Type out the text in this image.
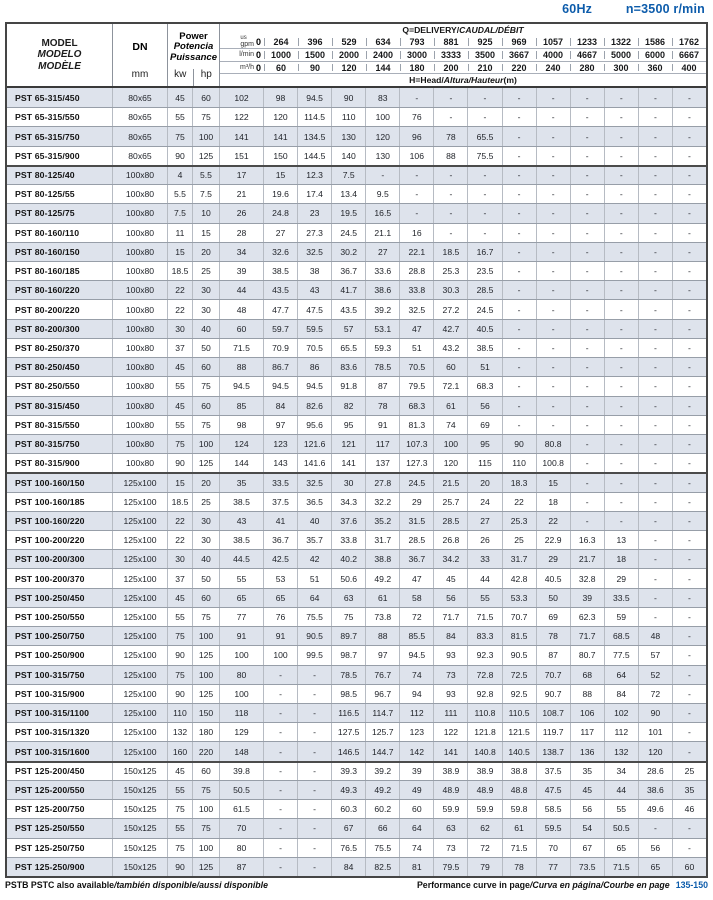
60Hz	n=3500 r/min
MODEL
MODELO
MODÈLE
DN
mm
Power
Potencia
Puissance
kw	hp
Q=DELIVERY/ CAUDAL/DÉBIT
us
gpm 0	264	396	529	634	793	881	925	969	1057	1233	1322	1586	1762
l/min 0	1000	1500	2000	2400	3000	3333	3500	3667	4000	4667	5000	6000	6667
m³/h 0	60	90	120	144	180	200	210	220	240	280	300	360	400
H=Head/ Altura/Hauteur (m)
PST 65-315/450	80x65	45	60	102	98	94.5	90	83	-	-	-	-	-	-	-	-	-
PST 65-315/550	80x65	55	75	122	120	114.5	110	100	76	-	-	-	-	-	-	-	-
PST 65-315/750	80x65	75	100	141	141	134.5	130	120	96	78	65.5	-	-	-	-	-	-
PST 65-315/900	80x65	90	125	151	150	144.5	140	130	106	88	75.5	-	-	-	-	-	-
PST 80-125/40	100x80	4	5.5	17	15	12.3	7.5	-	-	-	-	-	-	-	-	-	-
PST 80-125/55	100x80	5.5	7.5	21	19.6	17.4	13.4	9.5	-	-	-	-	-	-	-	-	-
PST 80-125/75	100x80	7.5	10	26	24.8	23	19.5	16.5	-	-	-	-	-	-	-	-	-
PST 80-160/110	100x80	11	15	28	27	27.3	24.5	21.1	16	-	-	-	-	-	-	-	-
PST 80-160/150	100x80	15	20	34	32.6	32.5	30.2	27	22.1	18.5	16.7	-	-	-	-	-	-
PST 80-160/185	100x80	18.5	25	39	38.5	38	36.7	33.6	28.8	25.3	23.5	-	-	-	-	-	-
PST 80-160/220	100x80	22	30	44	43.5	43	41.7	38.6	33.8	30.3	28.5	-	-	-	-	-	-
PST 80-200/220	100x80	22	30	48	47.7	47.5	43.5	39.2	32.5	27.2	24.5	-	-	-	-	-	-
PST 80-200/300	100x80	30	40	60	59.7	59.5	57	53.1	47	42.7	40.5	-	-	-	-	-	-
PST 80-250/370	100x80	37	50	71.5	70.9	70.5	65.5	59.3	51	43.2	38.5	-	-	-	-	-	-
PST 80-250/450	100x80	45	60	88	86.7	86	83.6	78.5	70.5	60	51	-	-	-	-	-	-
PST 80-250/550	100x80	55	75	94.5	94.5	94.5	91.8	87	79.5	72.1	68.3	-	-	-	-	-	-
PST 80-315/450	100x80	45	60	85	84	82.6	82	78	68.3	61	56	-	-	-	-	-	-
PST 80-315/550	100x80	55	75	98	97	95.6	95	91	81.3	74	69	-	-	-	-	-	-
PST 80-315/750	100x80	75	100	124	123	121.6	121	117	107.3	100	95	90	80.8	-	-	-	-
PST 80-315/900	100x80	90	125	144	143	141.6	141	137	127.3	120	115	110	100.8	-	-	-	-
PST 100-160/150	125x100	15	20	35	33.5	32.5	30	27.8	24.5	21.5	20	18.3	15	-	-	-	-
PST 100-160/185	125x100	18.5	25	38.5	37.5	36.5	34.3	32.2	29	25.7	24	22	18	-	-	-	-
PST 100-160/220	125x100	22	30	43	41	40	37.6	35.2	31.5	28.5	27	25.3	22	-	-	-	-
PST 100-200/220	125x100	22	30	38.5	36.7	35.7	33.8	31.7	28.5	26.8	26	25	22.9	16.3	13	-	-
PST 100-200/300	125x100	30	40	44.5	42.5	42	40.2	38.8	36.7	34.2	33	31.7	29	21.7	18	-	-
PST 100-200/370	125x100	37	50	55	53	51	50.6	49.2	47	45	44	42.8	40.5	32.8	29	-	-
PST 100-250/450	125x100	45	60	65	65	64	63	61	58	56	55	53.3	50	39	33.5	-	-
PST 100-250/550	125x100	55	75	77	76	75.5	75	73.8	72	71.7	71.5	70.7	69	62.3	59	-	-
PST 100-250/750	125x100	75	100	91	91	90.5	89.7	88	85.5	84	83.3	81.5	78	71.7	68.5	48	-
PST 100-250/900	125x100	90	125	100	100	99.5	98.7	97	94.5	93	92.3	90.5	87	80.7	77.5	57	-
PST 100-315/750	125x100	75	100	80	-	-	78.5	76.7	74	73	72.8	72.5	70.7	68	64	52	-
PST 100-315/900	125x100	90	125	100	-	-	98.5	96.7	94	93	92.8	92.5	90.7	88	84	72	-
PST 100-315/1100	125x100	110	150	118	-	-	116.5	114.7	112	111	110.8	110.5	108.7	106	102	90	-
PST 100-315/1320	125x100	132	180	129	-	-	127.5	125.7	123	122	121.8	121.5	119.7	117	112	101	-
PST 100-315/1600	125x100	160	220	148	-	-	146.5	144.7	142	141	140.8	140.5	138.7	136	132	120	-
PST 125-200/450	150x125	45	60	39.8	-	-	39.3	39.2	39	38.9	38.9	38.8	37.5	35	34	28.6	25
PST 125-200/550	150x125	55	75	50.5	-	-	49.3	49.2	49	48.9	48.9	48.8	47.5	45	44	38.6	35
PST 125-200/750	150x125	75	100	61.5	-	-	60.3	60.2	60	59.9	59.9	59.8	58.5	56	55	49.6	46
PST 125-250/550	150x125	55	75	70	-	-	67	66	64	63	62	61	59.5	54	50.5	-	-
PST 125-250/750	150x125	75	100	80	-	-	76.5	75.5	74	73	72	71.5	70	67	65	56	-
PST 125-250/900	150x125	90	125	87	-	-	84	82.5	81	79.5	79	78	77	73.5	71.5	65	60
PSTB PSTC also available/también disponible/aussi disponible	Performance curve in page/Curva en página/Courbe en page 135-150
